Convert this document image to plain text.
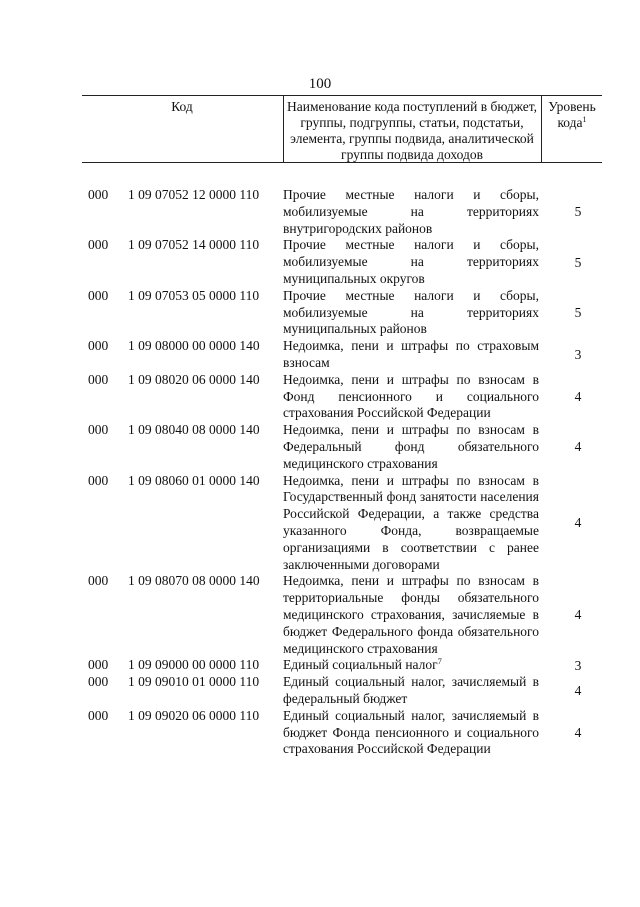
100
Код	Наименование кода поступлений в бюджет, группы, подгруппы, статьи, подстатьи, элемента, группы подвида, аналитической группы подвида доходов
Уровень кода$^1$
000 1 09 07052 12 0000 110 Прочие местные налоги и сборы, мобилизуемые на территориях внутригородских районов
5
000 1 09 07052 14 0000 110 Прочие местные налоги и сборы, мобилизуемые на территориях муниципальных округов
5
000 1 09 07053 05 0000 110 Прочие местные налоги и сборы, мобилизуемые на территориях муниципальных районов
5
000 1 09 08000 00 0000 140 Недоимка, пени и штрафы по страховым взносам
3
000 1 09 08020 06 0000 140 Недоимка, пени и штрафы по взносам в Фонд пенсионного и социального страхования Российской Федерации
4
000 1 09 08040 08 0000 140 Недоимка, пени и штрафы по взносам в Федеральный фонд обязательного медицинского страхования
4
000 1 09 08060 01 0000 140 Недоимка, пени и штрафы по взносам в Государственный фонд занятости населения Российской Федерации, а также средства указанного Фонда, возвращаемые организациями в соответствии с ранее заключенными договорами
4
000 1 09 08070 08 0000 140 Недоимка, пени и штрафы по взносам в территориальные фонды обязательного медицинского страхования, зачисляемые в бюджет Федерального фонда обязательного медицинского страхования
4
000 1 09 09000 00 0000 110 Единый социальный налог$^7$	3
000 1 09 09010 01 0000 110 Единый социальный налог, зачисляемый в федеральный бюджет
4
000 1 09 09020 06 0000 110 Единый социальный налог, зачисляемый в бюджет Фонда пенсионного и социального страхования Российской Федерации
4
